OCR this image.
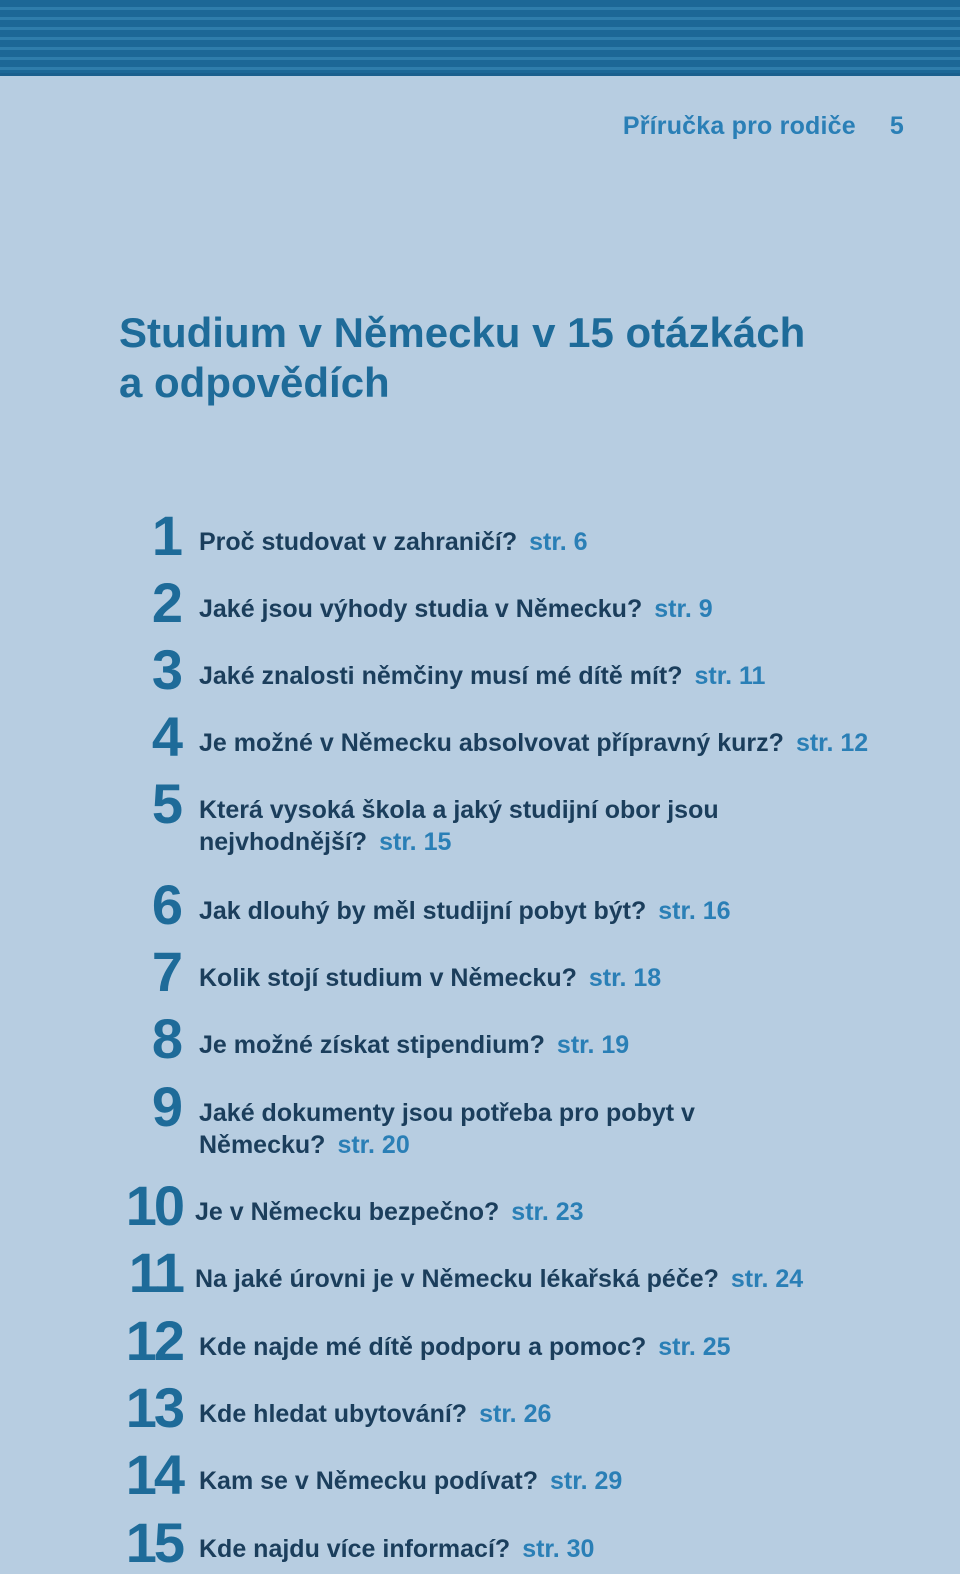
Příručka pro rodiče 5
Studium v Německu v 15 otázkách
a odpovědích
1 Proč studovat v zahraničí? str. 6
2 Jaké jsou výhody studia v Německu? str. 9
3 Jaké znalosti němčiny musí mé dítě mít? str. 11
4 Je možné v Německu absolvovat přípravný kurz? str. 12
5 Která vysoká škola a jaký studijní obor jsou nejvhodnější? str. 15
6 Jak dlouhý by měl studijní pobyt být? str. 16
7 Kolik stojí studium v Německu? str. 18
8 Je možné získat stipendium? str. 19
9 Jaké dokumenty jsou potřeba pro pobyt v Německu? str. 20
10 Je v Německu bezpečno? str. 23
11 Na jaké úrovni je v Německu lékařská péče? str. 24
12 Kde najde mé dítě podporu a pomoc? str. 25
13 Kde hledat ubytování? str. 26
14 Kam se v Německu podívat? str. 29
15 Kde najdu více informací? str. 30
